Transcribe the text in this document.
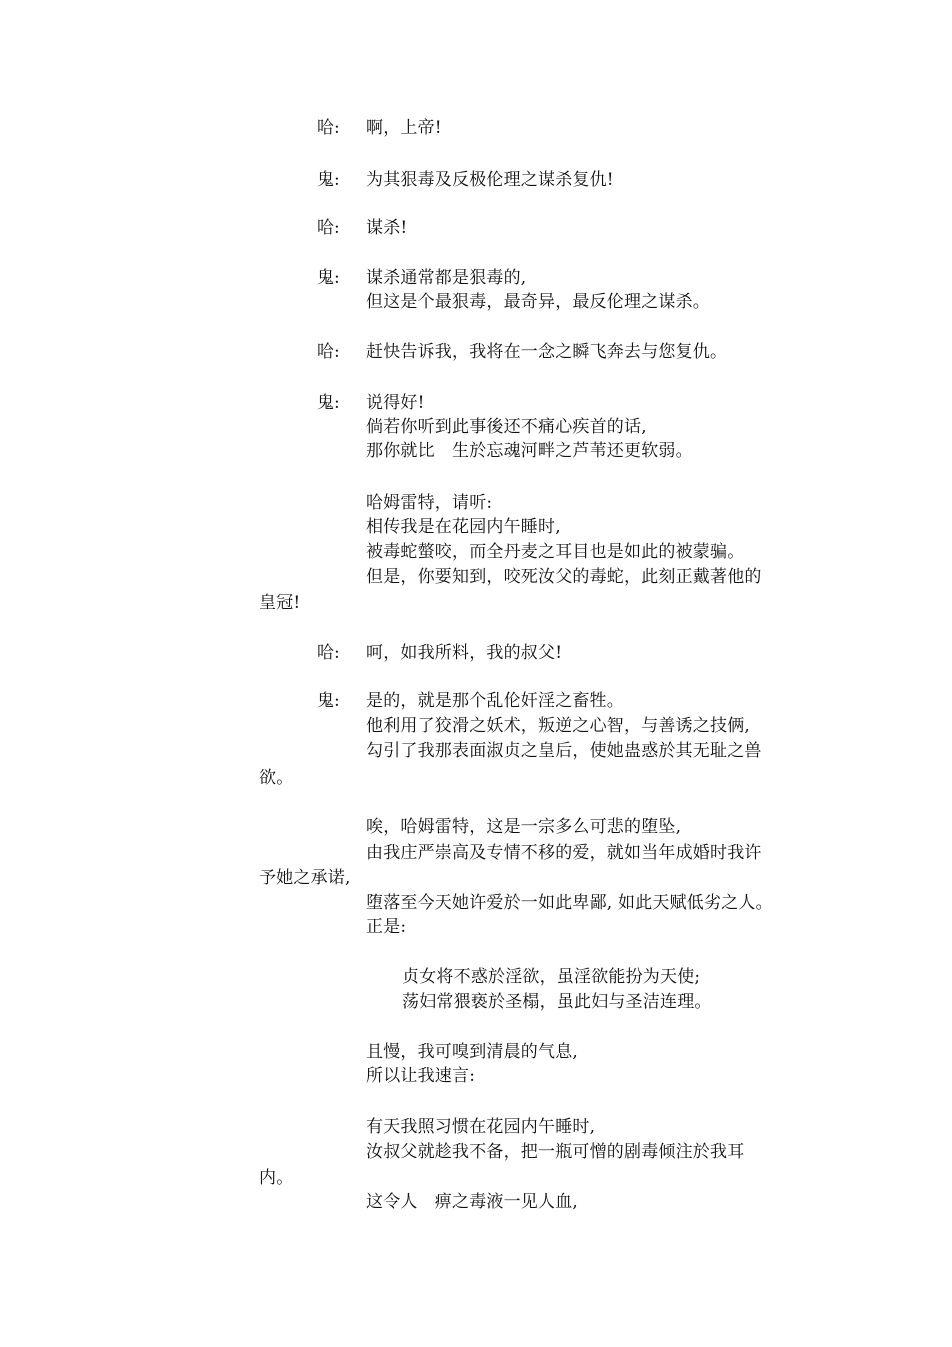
哈: 啊，上帝!
鬼: 为其狠毒及反极伦理之谋杀复仇!
哈: 谋杀!
鬼: 谋杀通常都是狠毒的,
但这是个最狠毒，最奇异，最反伦理之谋杀。
哈: 赶快告诉我，我将在一念之瞬飞奔去与您复仇。
鬼: 说得好!
倘若你听到此事後还不痛心疾首的话,
那你就比　生於忘魂河畔之芦苇还更软弱。
哈姆雷特，请听:
相传我是在花园内午睡时,
被毒蛇螫咬，而全丹麦之耳目也是如此的被蒙骗。
但是，你要知到，咬死汝父的毒蛇，此刻正戴著他的
皇冠!
哈: 呵，如我所料，我的叔父!
鬼: 是的，就是那个乱伦奸淫之畜牲。
他利用了狡滑之妖术，叛逆之心智，与善诱之技俩,
勾引了我那表面淑贞之皇后，使她蛊惑於其无耻之兽
欲。
唉，哈姆雷特，这是一宗多么可悲的堕坠,
由我庄严崇高及专情不移的爱，就如当年成婚时我许
予她之承诺,
堕落至今天她许爱於一如此卑鄙, 如此天赋低劣之人。
正是:
贞女将不惑於淫欲，虽淫欲能扮为天使;
荡妇常猥亵於圣榻，虽此妇与圣洁连理。
且慢，我可嗅到清晨的气息,
所以让我速言:
有天我照习惯在花园内午睡时,
汝叔父就趁我不备，把一瓶可憎的剧毒倾注於我耳
内。
这令人　痹之毒液一见人血,
